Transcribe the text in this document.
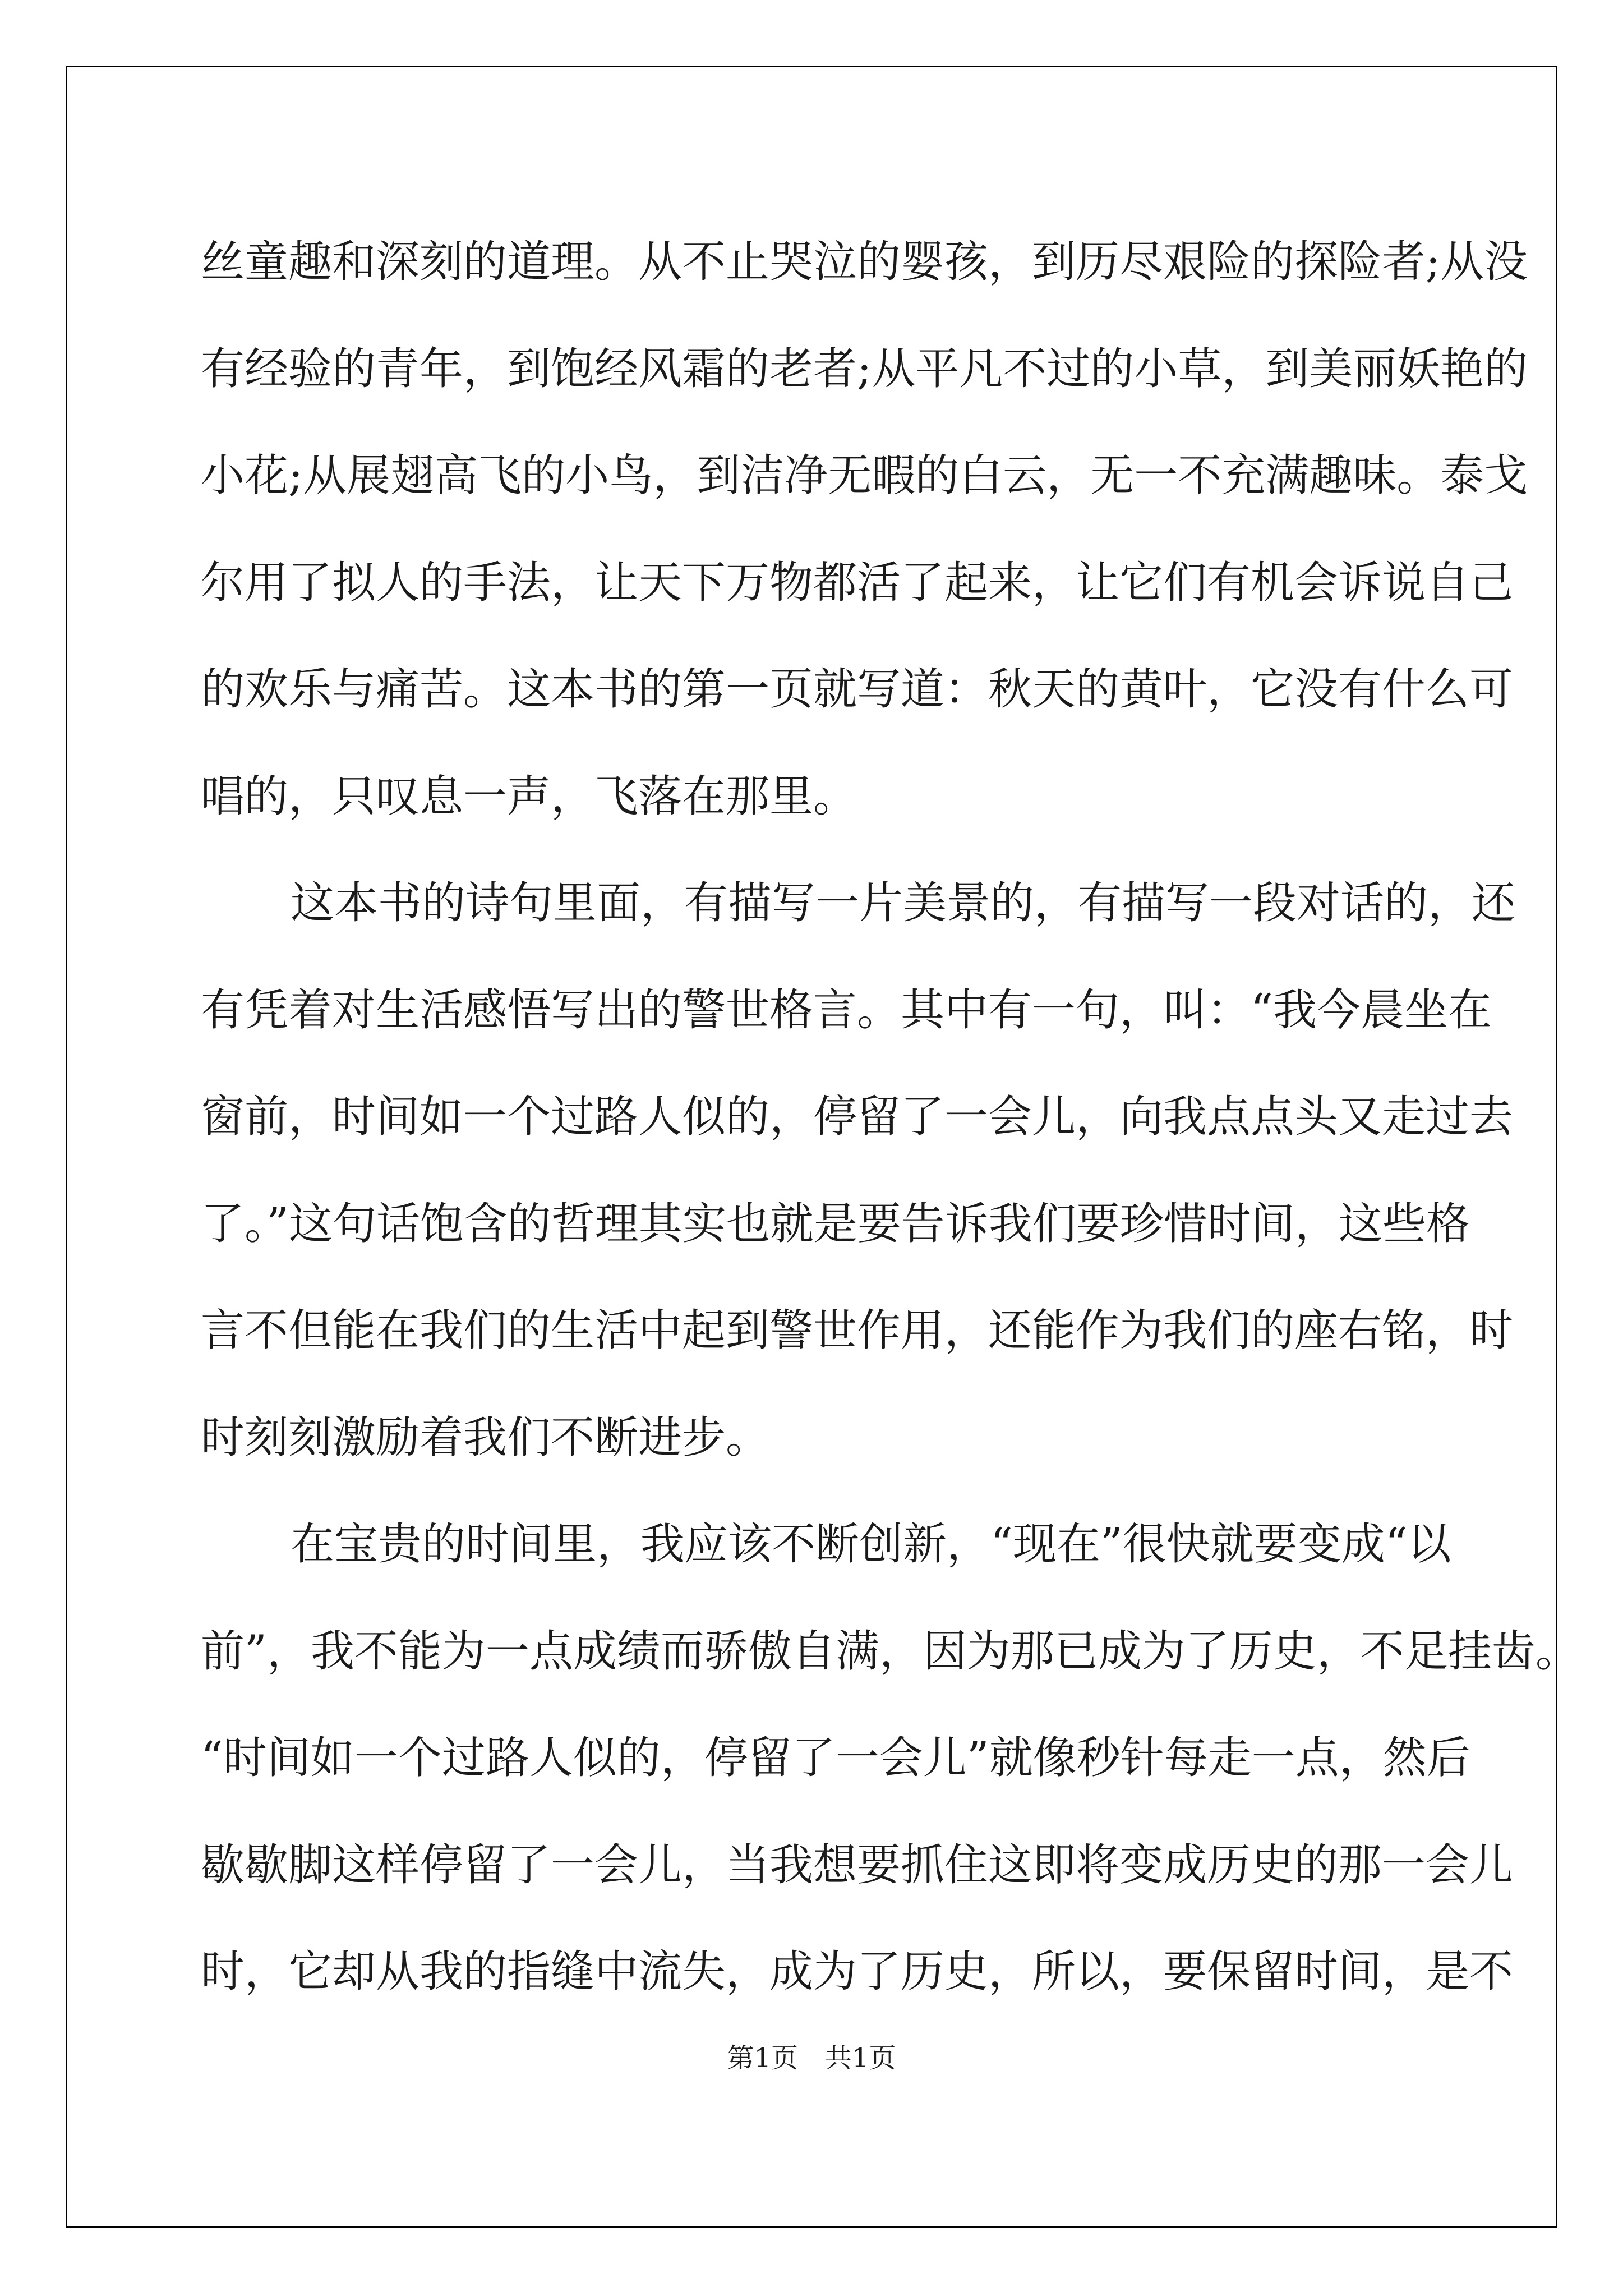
丝童趣和深刻的道理。从不止哭泣的婴孩，到历尽艰险的探险者;从没
有经验的青年，到饱经风霜的老者;从平凡不过的小草，到美丽妖艳的
小花;从展翅高飞的小鸟，到洁净无暇的白云，无一不充满趣味。泰戈
尔用了拟人的手法，让天下万物都活了起来，让它们有机会诉说自己
的欢乐与痛苦。这本书的第一页就写道：秋天的黄叶，它没有什么可
唱的，只叹息一声，飞落在那里。
这本书的诗句里面，有描写一片美景的，有描写一段对话的，还
有凭着对生活感悟写出的警世格言。其中有一句，叫：“我今晨坐在
窗前，时间如一个过路人似的，停留了一会儿，向我点点头又走过去
了。”这句话饱含的哲理其实也就是要告诉我们要珍惜时间，这些格
言不但能在我们的生活中起到警世作用，还能作为我们的座右铭，时
时刻刻激励着我们不断进步。
在宝贵的时间里，我应该不断创新，“现在”很快就要变成“以
前”，我不能为一点成绩而骄傲自满，因为那已成为了历史，不足挂齿。
“时间如一个过路人似的，停留了一会儿”就像秒针每走一点，然后
歇歇脚这样停留了一会儿，当我想要抓住这即将变成历史的那一会儿
时，它却从我的指缝中流失，成为了历史，所以，要保留时间，是不
第1页　共1页
